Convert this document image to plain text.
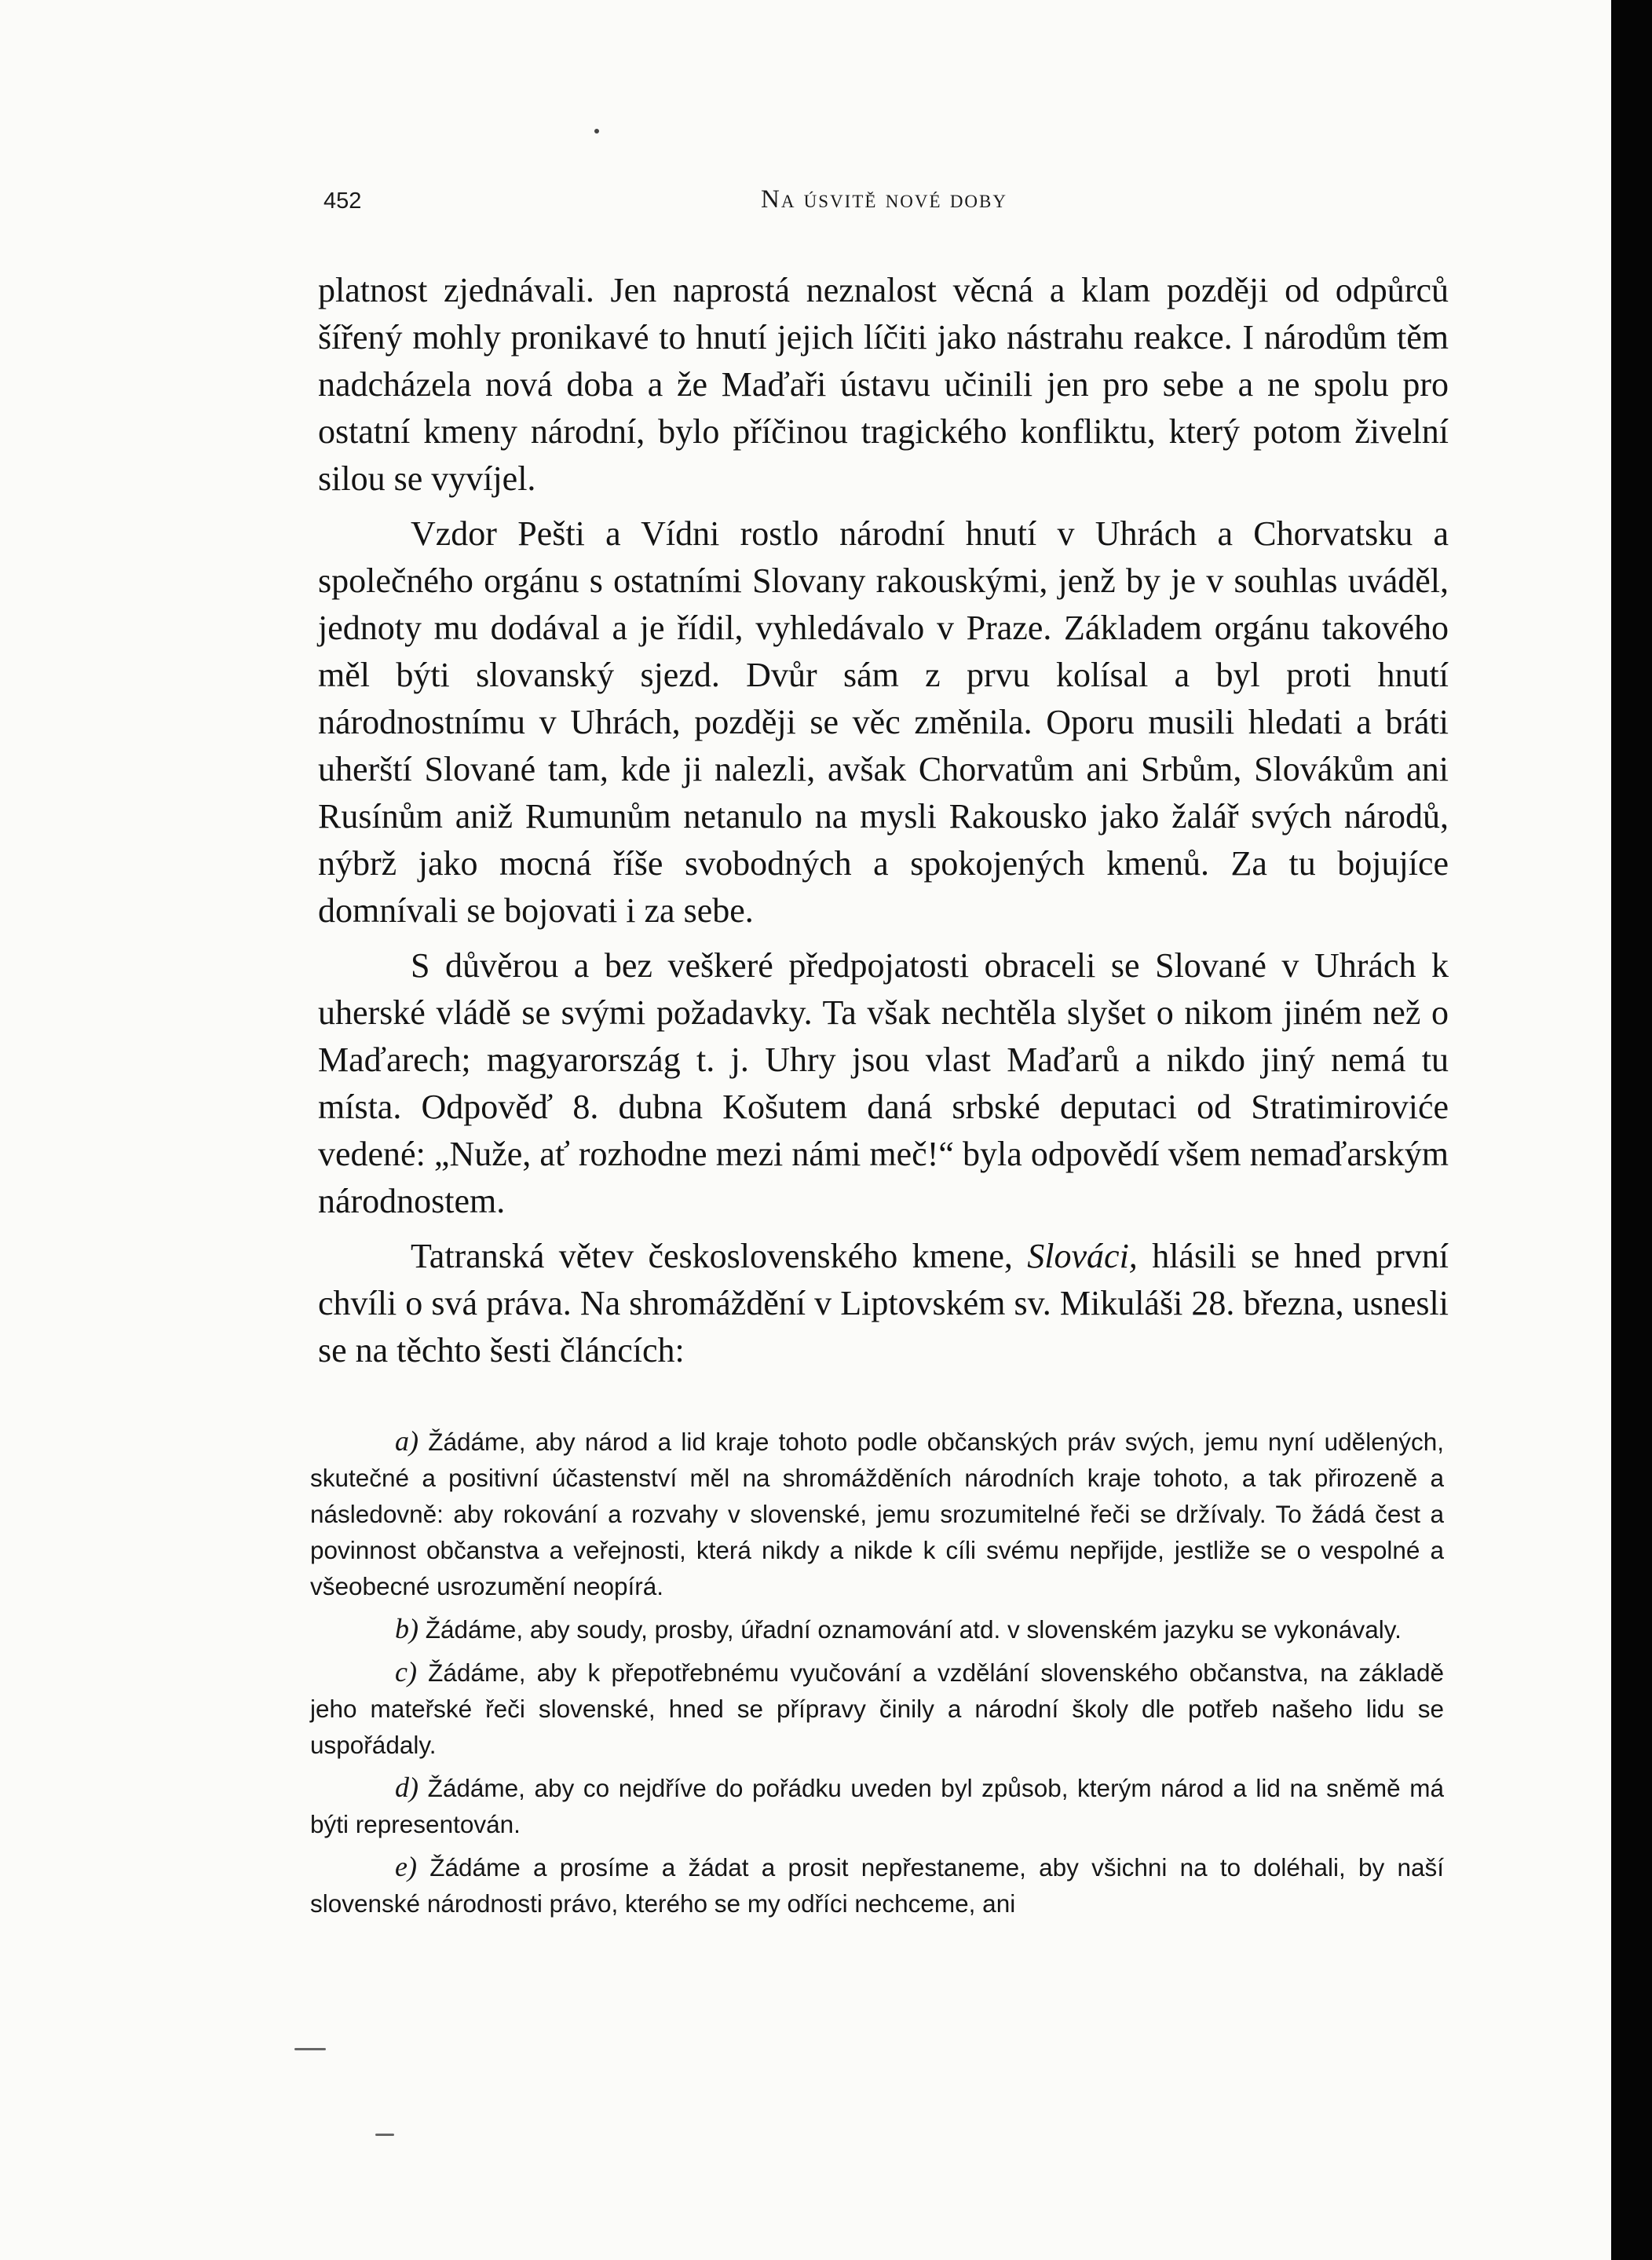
452	Na úsvitě nové doby

platnost zjednávali. Jen naprostá neznalost věcná a klam později od odpůrců šířený mohly pronikavé to hnutí jejich líčiti jako nástrahu reakce. I národům těm nadcházela nová doba a že Maďaři ústavu učinili jen pro sebe a ne spolu pro ostatní kmeny národní, bylo příčinou tragického konfliktu, který potom živelní silou se vyvíjel.

Vzdor Pešti a Vídni rostlo národní hnutí v Uhrách a Chorvatsku a společného orgánu s ostatními Slovany rakouskými, jenž by je v souhlas uváděl, jednoty mu dodával a je řídil, vyhledávalo v Praze. Základem orgánu takového měl býti slovanský sjezd. Dvůr sám z prvu kolísal a byl proti hnutí národnostnímu v Uhrách, později se věc změnila. Oporu musili hledati a bráti uherští Slované tam, kde ji nalezli, avšak Chorvatům ani Srbům, Slovákům ani Rusínům aniž Rumunům netanulo na mysli Rakousko jako žalář svých národů, nýbrž jako mocná říše svobodných a spokojených kmenů. Za tu bojujíce domnívali se bojovati i za sebe.

S důvěrou a bez veškeré předpojatosti obraceli se Slované v Uhrách k uherské vládě se svými požadavky. Ta však nechtěla slyšet o nikom jiném než o Maďarech; magyarország t. j. Uhry jsou vlast Maďarů a nikdo jiný nemá tu místa. Odpověď 8. dubna Košutem daná srbské deputaci od Stratimiroviće vedené: „Nuže, ať rozhodne mezi námi meč!“ byla odpovědí všem nemaďarským národnostem.

Tatranská větev československého kmene, Slováci, hlásili se hned první chvíli o svá práva. Na shromáždění v Liptovském sv. Mikuláši 28. března, usnesli se na těchto šesti článcích:

a) Žádáme, aby národ a lid kraje tohoto podle občanských práv svých, jemu nyní udělených, skutečné a positivní účastenství měl na shromážděních národních kraje tohoto, a tak přirozeně a následovně: aby rokování a rozvahy v slovenské, jemu srozumitelné řeči se držívaly. To žádá čest a povinnost občanstva a veřejnosti, která nikdy a nikde k cíli svému nepřijde, jestliže se o vespolné a všeobecné usrozumění neopírá.

b) Žádáme, aby soudy, prosby, úřadní oznamování atd. v slovenském jazyku se vykonávaly.

c) Žádáme, aby k přepotřebnému vyučování a vzdělání slovenského občanstva, na základě jeho mateřské řeči slovenské, hned se přípravy činily a národní školy dle potřeb našeho lidu se uspořádaly.

d) Žádáme, aby co nejdříve do pořádku uveden byl způsob, kterým národ a lid na sněmě má býti representován.

e) Žádáme a prosíme a žádat a prosit nepřestaneme, aby všichni na to doléhali, by naší slovenské národnosti právo, kterého se my odříci nechceme, ani
